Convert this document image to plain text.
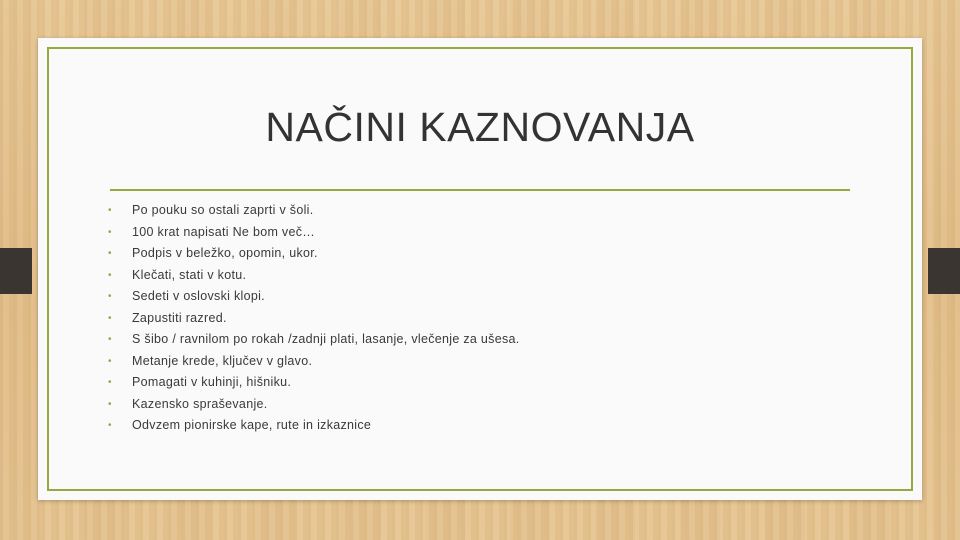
NAČINI KAZNOVANJA
• Po pouku so ostali zaprti v šoli.
• 100 krat napisati Ne bom več…
• Podpis v beležko, opomin, ukor.
• Klečati, stati v kotu.
• Sedeti v oslovski klopi.
• Zapustiti razred.
• S šibo / ravnilom po rokah /zadnji plati, lasanje, vlečenje za ušesa.
• Metanje krede, ključev v glavo.
• Pomagati v kuhinji, hišniku.
• Kazensko spraševanje.
• Odvzem pionirske kape, rute in izkaznice
